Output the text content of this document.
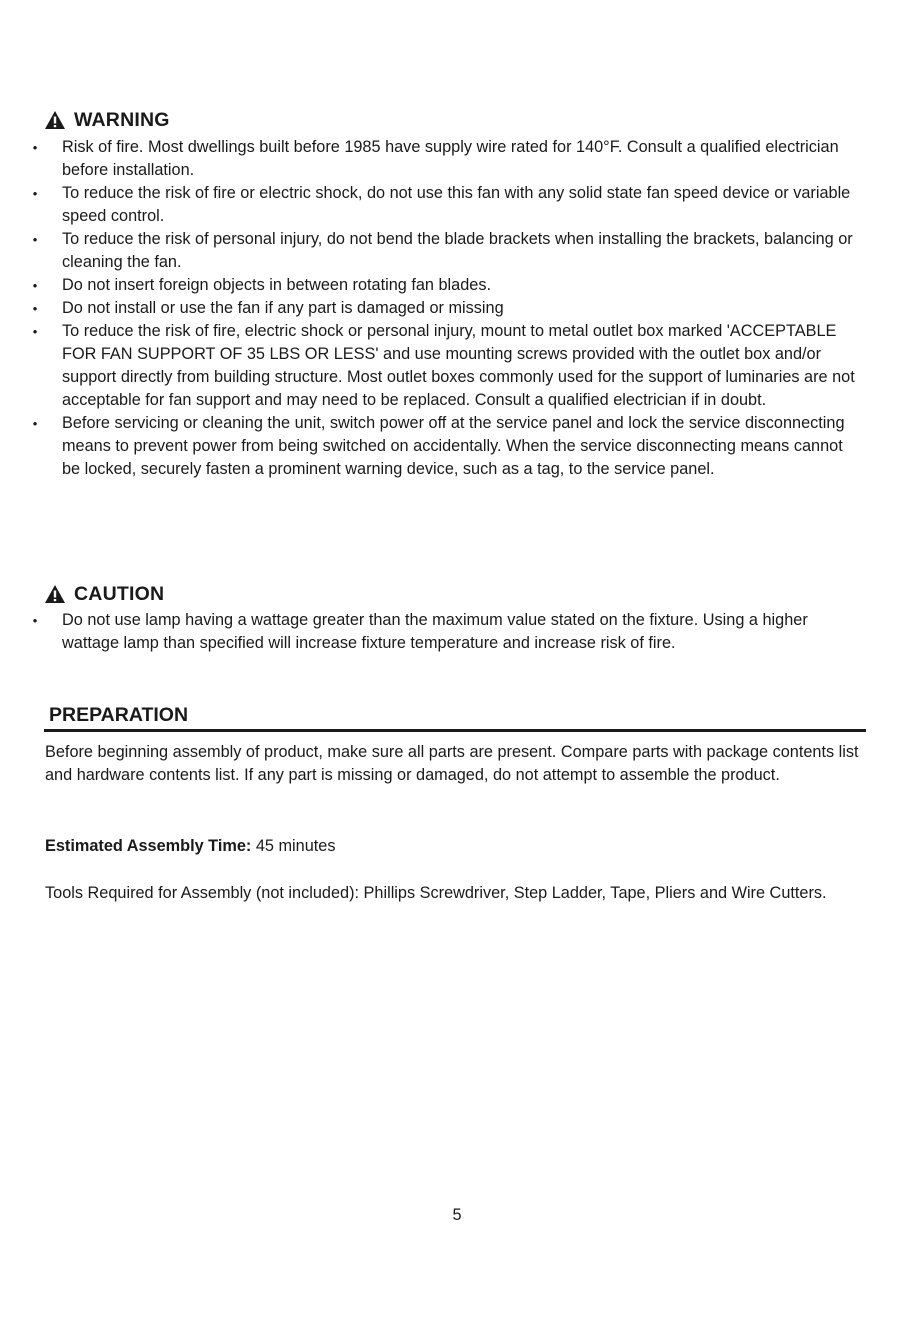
WARNING
• Risk of fire. Most dwellings built before 1985 have supply wire rated for 140°F. Consult a qualified electrician before installation.
• To reduce the risk of fire or electric shock, do not use this fan with any solid state fan speed device or variable speed control.
• To reduce the risk of personal injury, do not bend the blade brackets when installing the brackets, balancing or cleaning the fan.
• Do not insert foreign objects in between rotating fan blades.
• Do not install or use the fan if any part is damaged or missing
• To reduce the risk of fire, electric shock or personal injury, mount to metal outlet box marked 'ACCEPTABLE FOR FAN SUPPORT OF 35 LBS OR LESS' and use mounting screws provided with the outlet box and/or support directly from building structure. Most outlet boxes commonly used for the support of luminaries are not acceptable for fan support and may need to be replaced. Consult a qualified electrician if in doubt.
• Before servicing or cleaning the unit, switch power off at the service panel and lock the service disconnecting means to prevent power from being switched on accidentally. When the service disconnecting means cannot be locked, securely fasten a prominent warning device, such as a tag, to the service panel.
CAUTION
• Do not use lamp having a wattage greater than the maximum value stated on the fixture. Using a higher wattage lamp than specified will increase fixture temperature and increase risk of fire.
PREPARATION

Before beginning assembly of product, make sure all parts are present. Compare parts with package contents list and hardware contents list. If any part is missing or damaged, do not attempt to assemble the product.

Estimated Assembly Time: 45 minutes

Tools Required for Assembly (not included): Phillips Screwdriver, Step Ladder, Tape, Pliers and Wire Cutters.

5
